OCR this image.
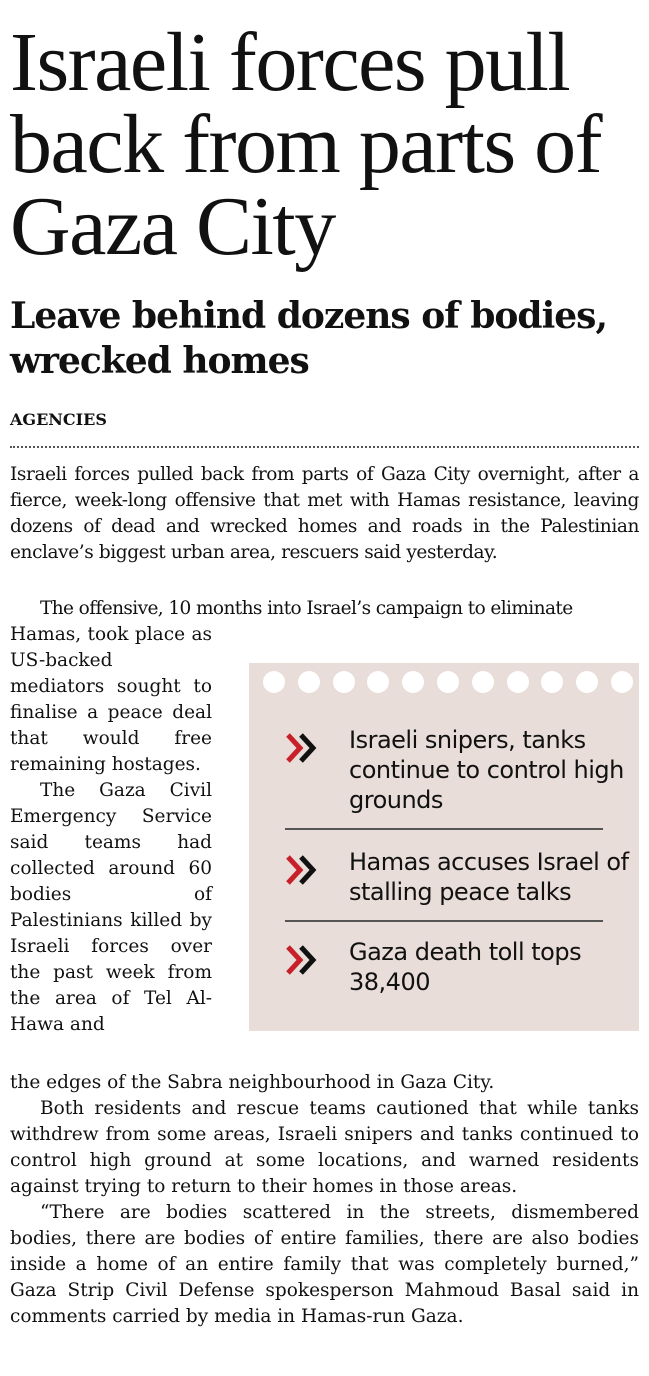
Israeli forces pull back from parts of Gaza City
Leave behind dozens of bodies, wrecked homes
AGENCIES
Israeli forces pulled back from parts of Gaza City overnight, after a fierce, week-long offensive that met with Hamas resistance, leaving dozens of dead and wrecked homes and roads in the Palestinian enclave’s biggest urban area, rescuers said yesterday.
The offensive, 10 months into Israel’s campaign to eliminate

Hamas, took place as US-backed mediators sought to finalise a peace deal that would free remaining hostages.

The Gaza Civil Emergency Service said teams had collected around 60 bodies of Palestinians killed by Israeli forces over the past week from the area of Tel Al-Hawa and

Israeli snipers, tanks continue to control high grounds
Hamas accuses Israel of stalling peace talks
Gaza death toll tops 38,400

the edges of the Sabra neighbourhood in Gaza City.

Both residents and rescue teams cautioned that while tanks withdrew from some areas, Israeli snipers and tanks continued to control high ground at some locations, and warned residents against trying to return to their homes in those areas.

“There are bodies scattered in the streets, dismembered bodies, there are bodies of entire families, there are also bodies inside a home of an entire family that was completely burned,” Gaza Strip Civil Defense spokesperson Mahmoud Basal said in comments carried by media in Hamas-run Gaza.
